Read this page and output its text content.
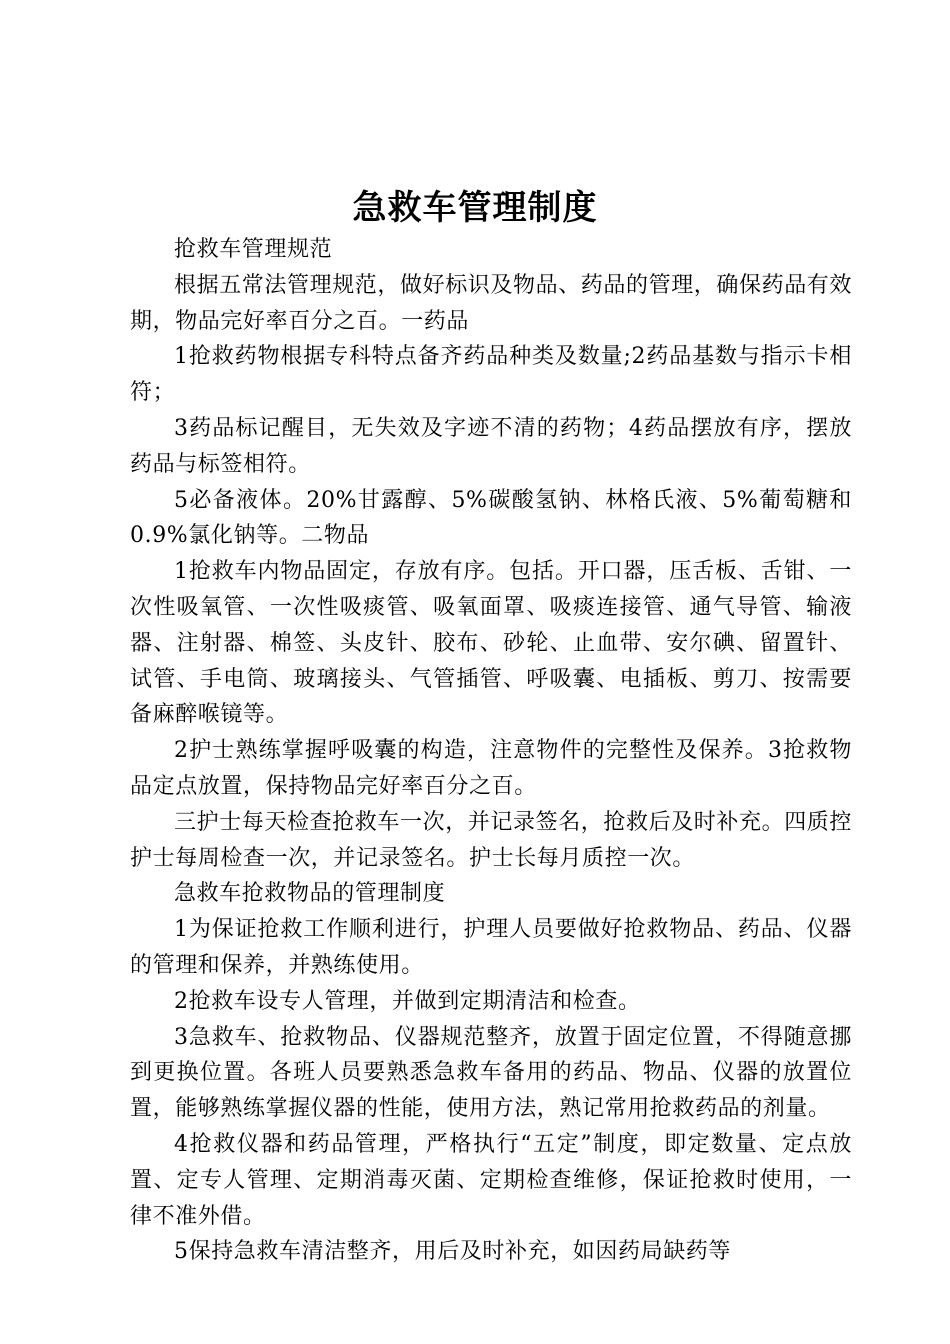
急救车管理制度

抢救车管理规范

根据五常法管理规范，做好标识及物品、药品的管理，确保药品有效期，物品完好率百分之百。一药品

1抢救药物根据专科特点备齐药品种类及数量;2药品基数与指示卡相符；

3药品标记醒目，无失效及字迹不清的药物；4药品摆放有序，摆放药品与标签相符。

5必备液体。20%甘露醇、5%碳酸氢钠、林格氏液、5%葡萄糖和0.9%氯化钠等。二物品

1抢救车内物品固定，存放有序。包括。开口器，压舌板、舌钳、一次性吸氧管、一次性吸痰管、吸氧面罩、吸痰连接管、通气导管、输液器、注射器、棉签、头皮针、胶布、砂轮、止血带、安尔碘、留置针、试管、手电筒、玻璃接头、气管插管、呼吸囊、电插板、剪刀、按需要备麻醉喉镜等。

2护士熟练掌握呼吸囊的构造，注意物件的完整性及保养。3抢救物品定点放置，保持物品完好率百分之百。

三护士每天检查抢救车一次，并记录签名，抢救后及时补充。四质控护士每周检查一次，并记录签名。护士长每月质控一次。

急救车抢救物品的管理制度

1为保证抢救工作顺利进行，护理人员要做好抢救物品、药品、仪器的管理和保养，并熟练使用。

2抢救车设专人管理，并做到定期清洁和检查。

3急救车、抢救物品、仪器规范整齐，放置于固定位置，不得随意挪到更换位置。各班人员要熟悉急救车备用的药品、物品、仪器的放置位置，能够熟练掌握仪器的性能，使用方法，熟记常用抢救药品的剂量。

4抢救仪器和药品管理，严格执行“五定”制度，即定数量、定点放置、定专人管理、定期消毒灭菌、定期检查维修，保证抢救时使用，一律不准外借。

5保持急救车清洁整齐，用后及时补充，如因药局缺药等
